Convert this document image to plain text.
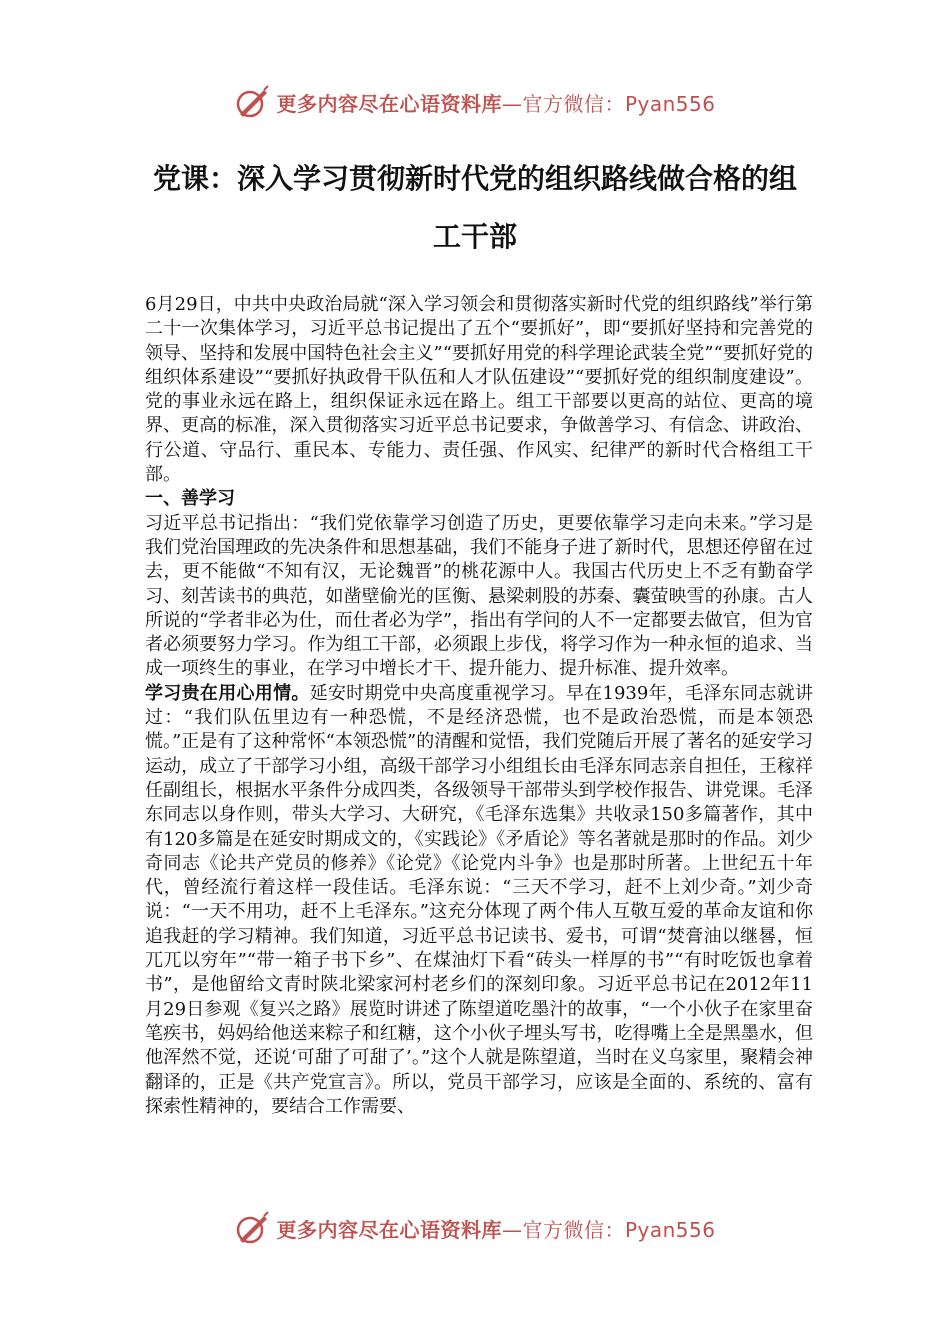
更多内容尽在心语资料库 —官方微信：Pyan556
党课：深入学习贯彻新时代党的组织路线做合格的组工干部

6月29日，中共中央政治局就“深入学习领会和贯彻落实新时代党的组织路线”举行第二十一次集体学习，习近平总书记提出了五个“要抓好”，即“要抓好坚持和完善党的领导、坚持和发展中国特色社会主义”“要抓好用党的科学理论武装全党”“要抓好党的组织体系建设”“要抓好执政骨干队伍和人才队伍建设”“要抓好党的组织制度建设”。党的事业永远在路上，组织保证永远在路上。组工干部要以更高的站位、更高的境界、更高的标准，深入贯彻落实习近平总书记要求，争做善学习、有信念、讲政治、行公道、守品行、重民本、专能力、责任强、作风实、纪律严的新时代合格组工干部。

一、善学习

习近平总书记指出：“我们党依靠学习创造了历史，更要依靠学习走向未来。”学习是我们党治国理政的先决条件和思想基础，我们不能身子进了新时代，思想还停留在过去，更不能做“不知有汉，无论魏晋”的桃花源中人。我国古代历史上不乏有勤奋学习、刻苦读书的典范，如凿壁偷光的匡衡、悬梁刺股的苏秦、囊萤映雪的孙康。古人所说的“学者非必为仕，而仕者必为学”，指出有学问的人不一定都要去做官，但为官者必须要努力学习。作为组工干部，必须跟上步伐，将学习作为一种永恒的追求、当成一项终生的事业，在学习中增长才干、提升能力、提升标准、提升效率。

学习贵在用心用情。延安时期党中央高度重视学习。早在1939年，毛泽东同志就讲过：“我们队伍里边有一种恐慌，不是经济恐慌，也不是政治恐慌，而是本领恐慌。”正是有了这种常怀“本领恐慌”的清醒和觉悟，我们党随后开展了著名的延安学习运动，成立了干部学习小组，高级干部学习小组组长由毛泽东同志亲自担任，王稼祥任副组长，根据水平条件分成四类，各级领导干部带头到学校作报告、讲党课。毛泽东同志以身作则，带头大学习、大研究，《毛泽东选集》共收录150多篇著作，其中有120多篇是在延安时期成文的，《实践论》《矛盾论》等名著就是那时的作品。刘少奇同志《论共产党员的修养》《论党》《论党内斗争》也是那时所著。上世纪五十年代，曾经流行着这样一段佳话。毛泽东说：“三天不学习，赶不上刘少奇。”刘少奇说：“一天不用功，赶不上毛泽东。”这充分体现了两个伟人互敬互爱的革命友谊和你追我赶的学习精神。我们知道，习近平总书记读书、爱书，可谓“焚膏油以继晷，恒兀兀以穷年”“带一箱子书下乡”、在煤油灯下看“砖头一样厚的书”“有时吃饭也拿着书”，是他留给文青时陕北梁家河村老乡们的深刻印象。习近平总书记在2012年11月29日参观《复兴之路》展览时讲述了陈望道吃墨汁的故事，“一个小伙子在家里奋笔疾书，妈妈给他送来粽子和红糖，这个小伙子埋头写书，吃得嘴上全是黑墨水，但他浑然不觉，还说‘可甜了可甜了’。”这个人就是陈望道，当时在义乌家里，聚精会神翻译的，正是《共产党宣言》。所以，党员干部学习，应该是全面的、系统的、富有探索性精神的，要结合工作需要、

更多内容尽在心语资料库 —官方微信：Pyan556
